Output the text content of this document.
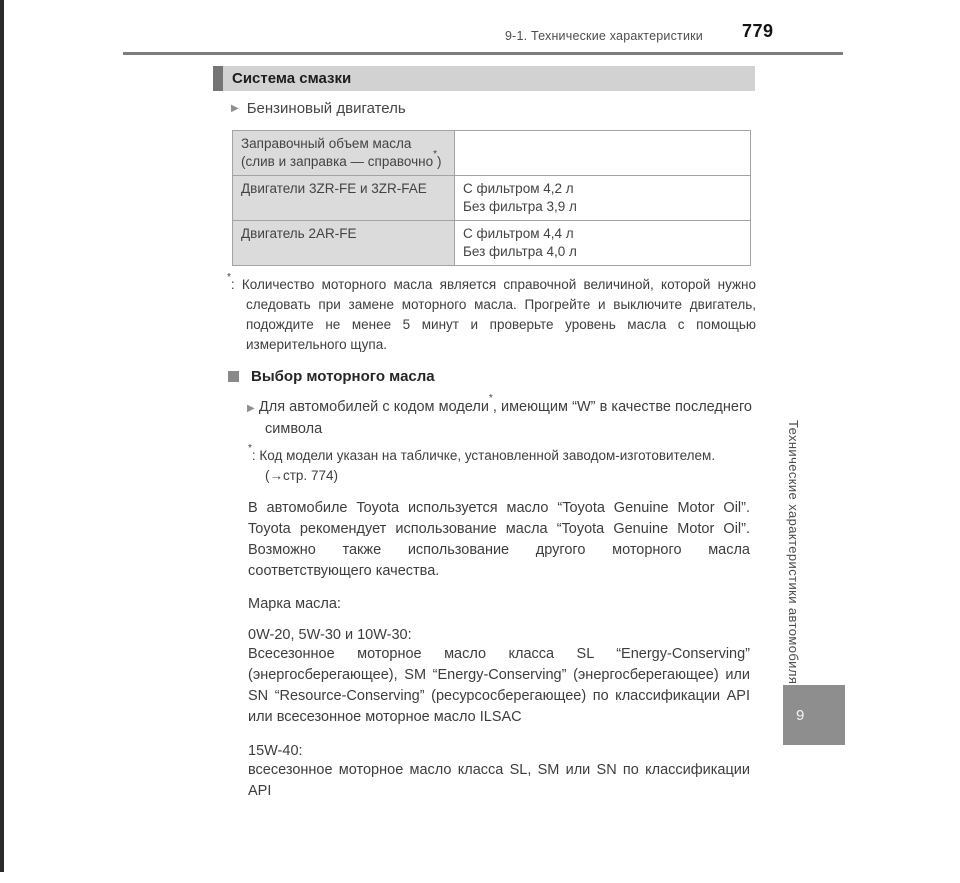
9-1. Технические характеристики 779
Система смазки
▶ Бензиновый двигатель
Заправочный объем масла
(слив и заправка — справочно*)	

Двигатели 3ZR-FE и 3ZR-FAE	С фильтром 4,2 л
Без фильтра 3,9 л

Двигатель 2AR-FE	С фильтром 4,4 л
Без фильтра 4,0 л
*: Количество моторного масла является справочной величиной, которой нужно следовать при замене моторного масла. Прогрейте и выключите двигатель, подождите не менее 5 минут и проверьте уровень масла с помощью измерительного щупа.
Выбор моторного масла
▶ Для автомобилей с кодом модели*, имеющим “W” в качестве последнего символа
*: Код модели указан на табличке, установленной заводом-изготовителем.
(→стр. 774)
В автомобиле Toyota используется масло “Toyota Genuine Motor Oil”. Toyota рекомендует использование масла “Toyota Genuine Motor Oil”. Возможно также использование другого моторного масла соответствующего качества.
Марка масла:
0W-20, 5W-30 и 10W-30:
Всесезонное моторное масло класса SL “Energy-Conserving” (энергосберегающее), SM “Energy-Conserving” (энергосберегающее) или SN “Resource-Conserving” (ресурсосберегающее) по классификации API или всесезонное моторное масло ILSAC
15W-40:
всесезонное моторное масло класса SL, SM или SN по классификации API
Технические характеристики автомобиля
9
